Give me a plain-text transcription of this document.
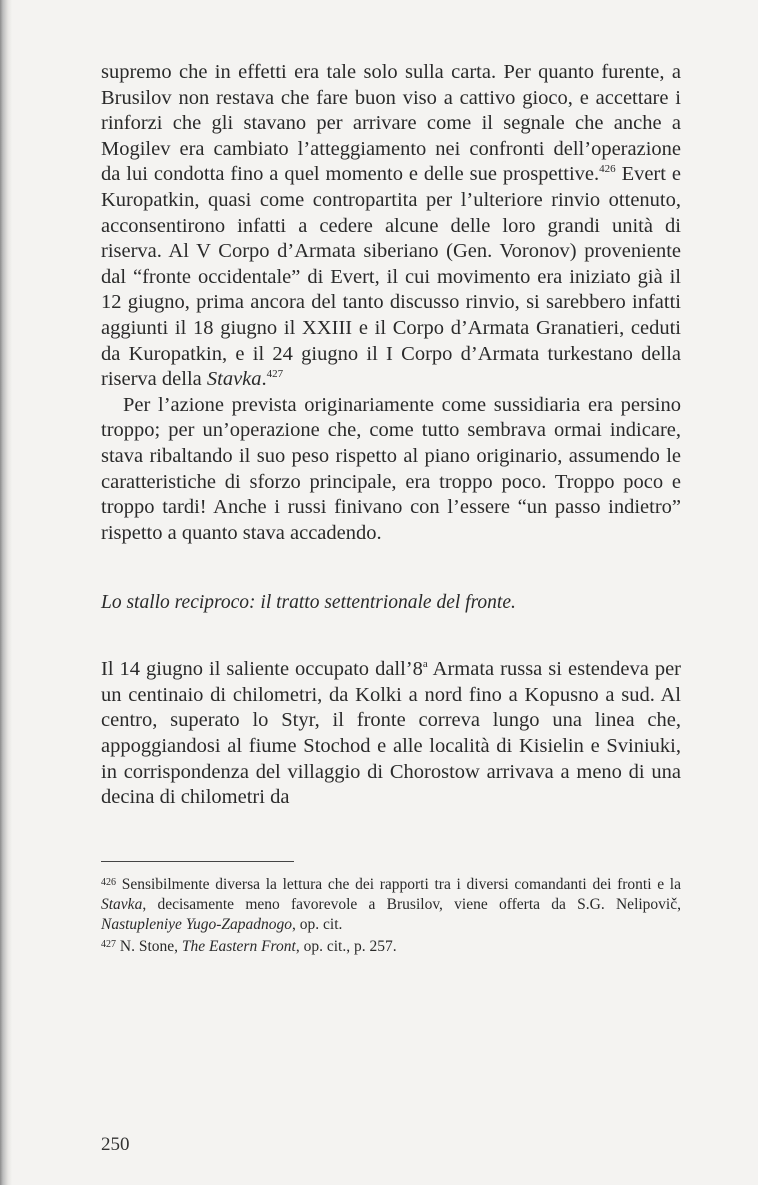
supremo che in effetti era tale solo sulla carta. Per quanto furente, a Brusilov non restava che fare buon viso a cattivo gioco, e accettare i rinforzi che gli stavano per arrivare come il segnale che anche a Mogilev era cambiato l’atteggiamento nei confronti dell’operazione da lui condotta fino a quel momento e delle sue prospettive.$^{426}$ Evert e Kuropatkin, quasi come contropartita per l’ulteriore rinvio ottenuto, acconsentirono infatti a cedere alcune delle loro grandi unità di riserva. Al V Corpo d’Armata siberiano (Gen. Voronov) proveniente dal “fronte occidentale” di Evert, il cui movimento era iniziato già il 12 giugno, prima ancora del tanto discusso rinvio, si sarebbero infatti aggiunti il 18 giugno il XXIII e il Corpo d’Armata Granatieri, ceduti da Kuropatkin, e il 24 giugno il I Corpo d’Armata turkestano della riserva della Stavka.$^{427}$

Per l’azione prevista originariamente come sussidiaria era persino troppo; per un’operazione che, come tutto sembrava ormai indicare, stava ribaltando il suo peso rispetto al piano originario, assumendo le caratteristiche di sforzo principale, era troppo poco. Troppo poco e troppo tardi! Anche i russi finivano con l’essere “un passo indietro” rispetto a quanto stava accadendo.

Lo stallo reciproco: il tratto settentrionale del fronte.

Il 14 giugno il saliente occupato dall’8$^a$ Armata russa si estendeva per un centinaio di chilometri, da Kolki a nord fino a Kopusno a sud. Al centro, superato lo Styr, il fronte correva lungo una linea che, appoggiandosi al fiume Stochod e alle località di Kisielin e Sviniuki, in corrispondenza del villaggio di Chorostow arrivava a meno di una decina di chilometri da

$^{426}$ Sensibilmente diversa la lettura che dei rapporti tra i diversi comandanti dei fronti e la Stavka, decisamente meno favorevole a Brusilov, viene offerta da S.G. Nelipovič, Nastupleniye Yugo-Zapadnogo, op. cit.

$^{427}$ N. Stone, The Eastern Front, op. cit., p. 257.

250
